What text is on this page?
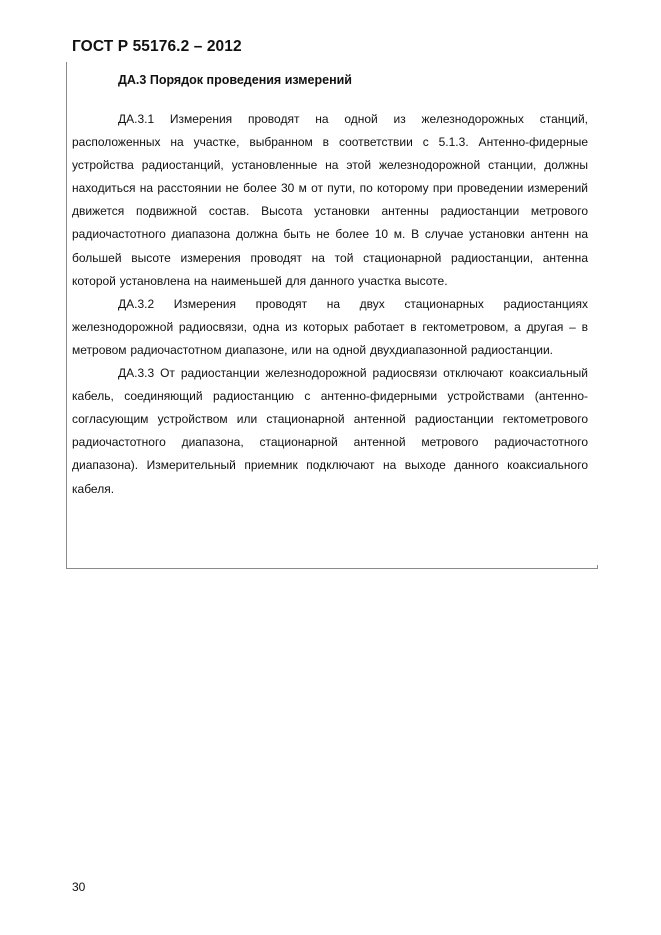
ГОСТ Р 55176.2 – 2012
ДА.3 Порядок проведения измерений

ДА.3.1 Измерения проводят на одной из железнодорожных станций, расположенных на участке, выбранном в соответствии с 5.1.3. Антенно-фидерные устройства радиостанций, установленные на этой железнодорожной станции, должны находиться на расстоянии не более 30 м от пути, по которому при проведении измерений движется подвижной состав. Высота установки антенны радиостанции метрового радиочастотного диапазона должна быть не более 10 м. В случае установки антенн на большей высоте измерения проводят на той стационарной радиостанции, антенна которой установлена на наименьшей для данного участка высоте.

ДА.3.2 Измерения проводят на двух стационарных радиостанциях железнодорожной радиосвязи, одна из которых работает в гектометровом, а другая – в метровом радиочастотном диапазоне, или на одной двухдиапазонной радиостанции.

ДА.3.3 От радиостанции железнодорожной радиосвязи отключают коаксиальный кабель, соединяющий радиостанцию с антенно-фидерными устройствами (антенно-согласующим устройством или стационарной антенной радиостанции гектометрового радиочастотного диапазона, стационарной антенной метрового радиочастотного диапазона). Измерительный приемник подключают на выходе данного коаксиального кабеля.

30
